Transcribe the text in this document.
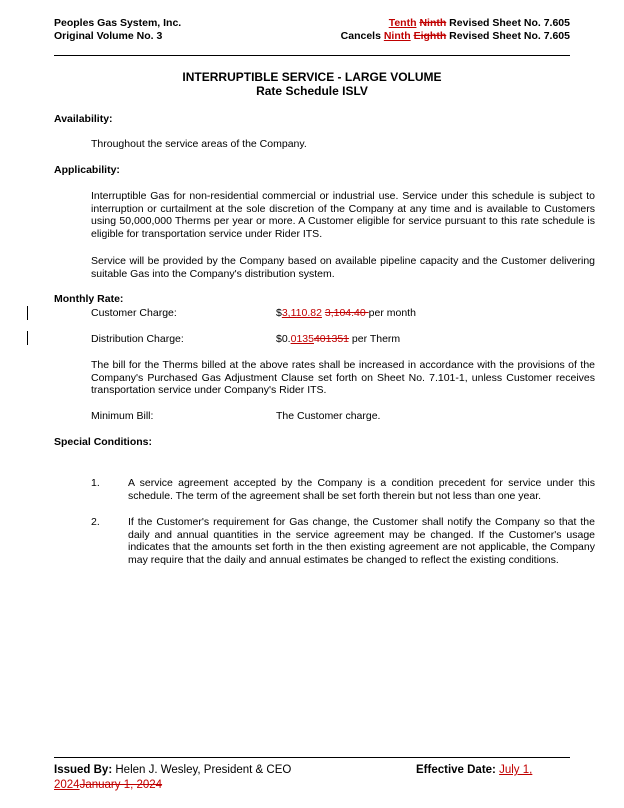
Peoples Gas System, Inc.
Original Volume No. 3
Tenth Ninth Revised Sheet No. 7.605
Cancels Ninth Eighth Revised Sheet No. 7.605
INTERRUPTIBLE SERVICE - LARGE VOLUME
Rate Schedule ISLV
Availability:
Throughout the service areas of the Company.
Applicability:
Interruptible Gas for non-residential commercial or industrial use. Service under this schedule is subject to interruption or curtailment at the sole discretion of the Company at any time and is available to Customers using 50,000,000 Therms per year or more. A Customer eligible for service pursuant to this rate schedule is eligible for transportation service under Rider ITS.
Service will be provided by the Company based on available pipeline capacity and the Customer delivering suitable Gas into the Company's distribution system.
Monthly Rate:
Customer Charge:	$3,110.82 3,104.40 per month
Distribution Charge:	$0.0135401351 per Therm
The bill for the Therms billed at the above rates shall be increased in accordance with the provisions of the Company's Purchased Gas Adjustment Clause set forth on Sheet No. 7.101-1, unless Customer receives transportation service under Company's Rider ITS.
Minimum Bill:	The Customer charge.
Special Conditions:
1.	A service agreement accepted by the Company is a condition precedent for service under this schedule. The term of the agreement shall be set forth therein but not less than one year.
2.	If the Customer's requirement for Gas change, the Customer shall notify the Company so that the daily and annual quantities in the service agreement may be changed. If the Customer's usage indicates that the amounts set forth in the then existing agreement are not applicable, the Company may require that the daily and annual estimates be changed to reflect the existing conditions.
Issued By: Helen J. Wesley, President & CEO	Effective Date: July 1,
2024January 1, 2024
